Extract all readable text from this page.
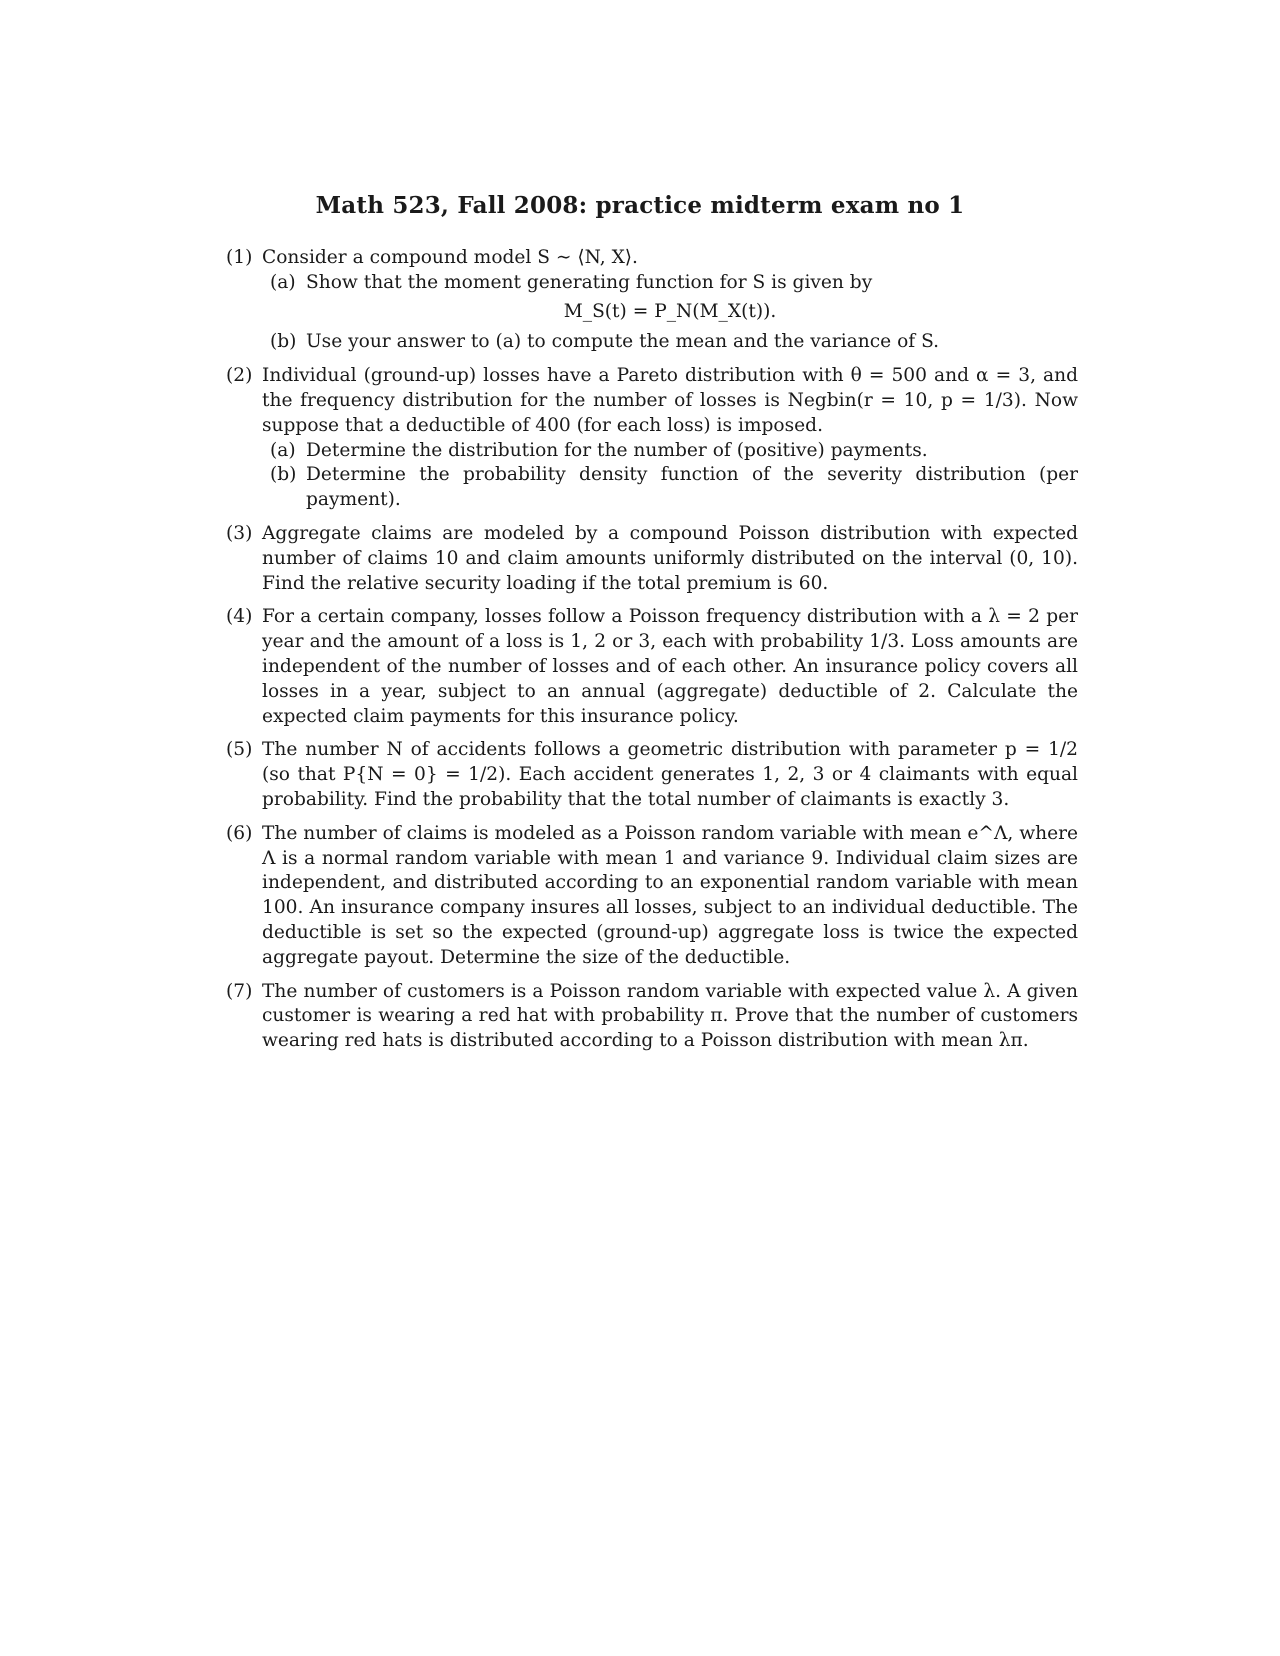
Math 523, Fall 2008: practice midterm exam no 1
(1) Consider a compound model S ∼ ⟨N, X⟩.
(a) Show that the moment generating function for S is given by
M_S(t) = P_N(M_X(t)).
(b) Use your answer to (a) to compute the mean and the variance of S.
(2) Individual (ground-up) losses have a Pareto distribution with θ = 500 and α = 3, and the frequency distribution for the number of losses is Negbin(r = 10, p = 1/3). Now suppose that a deductible of 400 (for each loss) is imposed.
(a) Determine the distribution for the number of (positive) payments.
(b) Determine the probability density function of the severity distribution (per payment).
(3) Aggregate claims are modeled by a compound Poisson distribution with expected number of claims 10 and claim amounts uniformly distributed on the interval (0, 10). Find the relative security loading if the total premium is 60.
(4) For a certain company, losses follow a Poisson frequency distribution with a λ = 2 per year and the amount of a loss is 1, 2 or 3, each with probability 1/3. Loss amounts are independent of the number of losses and of each other. An insurance policy covers all losses in a year, subject to an annual (aggregate) deductible of 2. Calculate the expected claim payments for this insurance policy.
(5) The number N of accidents follows a geometric distribution with parameter p = 1/2 (so that P{N = 0} = 1/2). Each accident generates 1, 2, 3 or 4 claimants with equal probability. Find the probability that the total number of claimants is exactly 3.
(6) The number of claims is modeled as a Poisson random variable with mean e^Λ, where Λ is a normal random variable with mean 1 and variance 9. Individual claim sizes are independent, and distributed according to an exponential random variable with mean 100. An insurance company insures all losses, subject to an individual deductible. The deductible is set so the expected (ground-up) aggregate loss is twice the expected aggregate payout. Determine the size of the deductible.
(7) The number of customers is a Poisson random variable with expected value λ. A given customer is wearing a red hat with probability π. Prove that the number of customers wearing red hats is distributed according to a Poisson distribution with mean λπ.
